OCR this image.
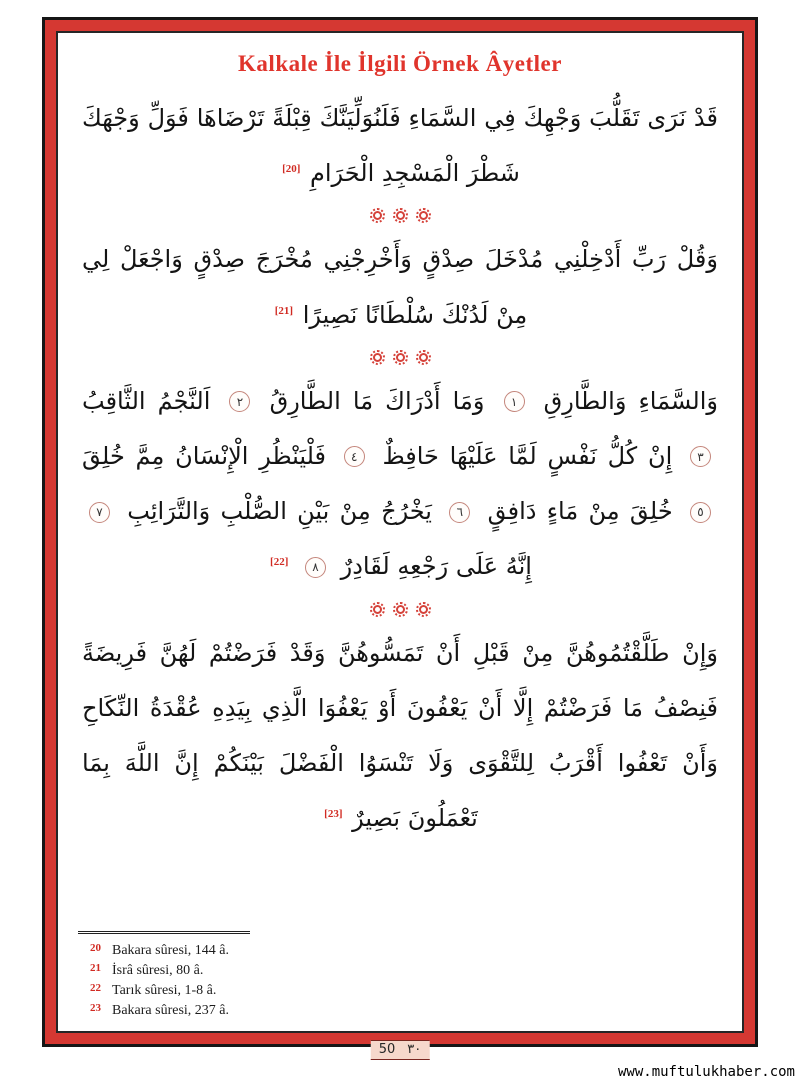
Kalkale İle İlgili Örnek Âyetler

قَدْ نَرَى تَقَلُّبَ وَجْهِكَ فِي السَّمَاءِ فَلَنُوَلِّيَنَّكَ قِبْلَةً تَرْضَاهَا فَوَلِّ وَجْهَكَ شَطْرَ الْمَسْجِدِ الْحَرَامِ [20]

وَقُلْ رَبِّ أَدْخِلْنِي مُدْخَلَ صِدْقٍ وَأَخْرِجْنِي مُخْرَجَ صِدْقٍ وَاجْعَلْ لِي مِنْ لَدُنْكَ سُلْطَانًا نَصِيرًا [21]

وَالسَّمَاءِ وَالطَّارِقِ ١ وَمَا أَدْرَاكَ مَا الطَّارِقُ ٢ اَلنَّجْمُ الثَّاقِبُ ٣ إِنْ كُلُّ نَفْسٍ لَمَّا عَلَيْهَا حَافِظٌ ٤ فَلْيَنْظُرِ الْإِنْسَانُ مِمَّ خُلِقَ ٥ خُلِقَ مِنْ مَاءٍ دَافِقٍ ٦ يَخْرُجُ مِنْ بَيْنِ الصُّلْبِ وَالتَّرَائِبِ ٧ إِنَّهُ عَلَى رَجْعِهِ لَقَادِرٌ ٨ [22]

وَإِنْ طَلَّقْتُمُوهُنَّ مِنْ قَبْلِ أَنْ تَمَسُّوهُنَّ وَقَدْ فَرَضْتُمْ لَهُنَّ فَرِيضَةً فَنِصْفُ مَا فَرَضْتُمْ إِلَّا أَنْ يَعْفُونَ أَوْ يَعْفُوَا الَّذِي بِيَدِهِ عُقْدَةُ النِّكَاحِ وَأَنْ تَعْفُوا أَقْرَبُ لِلتَّقْوَى وَلَا تَنْسَوُا الْفَضْلَ بَيْنَكُمْ إِنَّ اللَّهَ بِمَا تَعْمَلُونَ بَصِيرٌ [23]

20 Bakara sûresi, 144 â.
21 İsrâ sûresi, 80 â.
22 Tarık sûresi, 1-8 â.
23 Bakara sûresi, 237 â.
50 ٣٠
www.muftulukhaber.com
